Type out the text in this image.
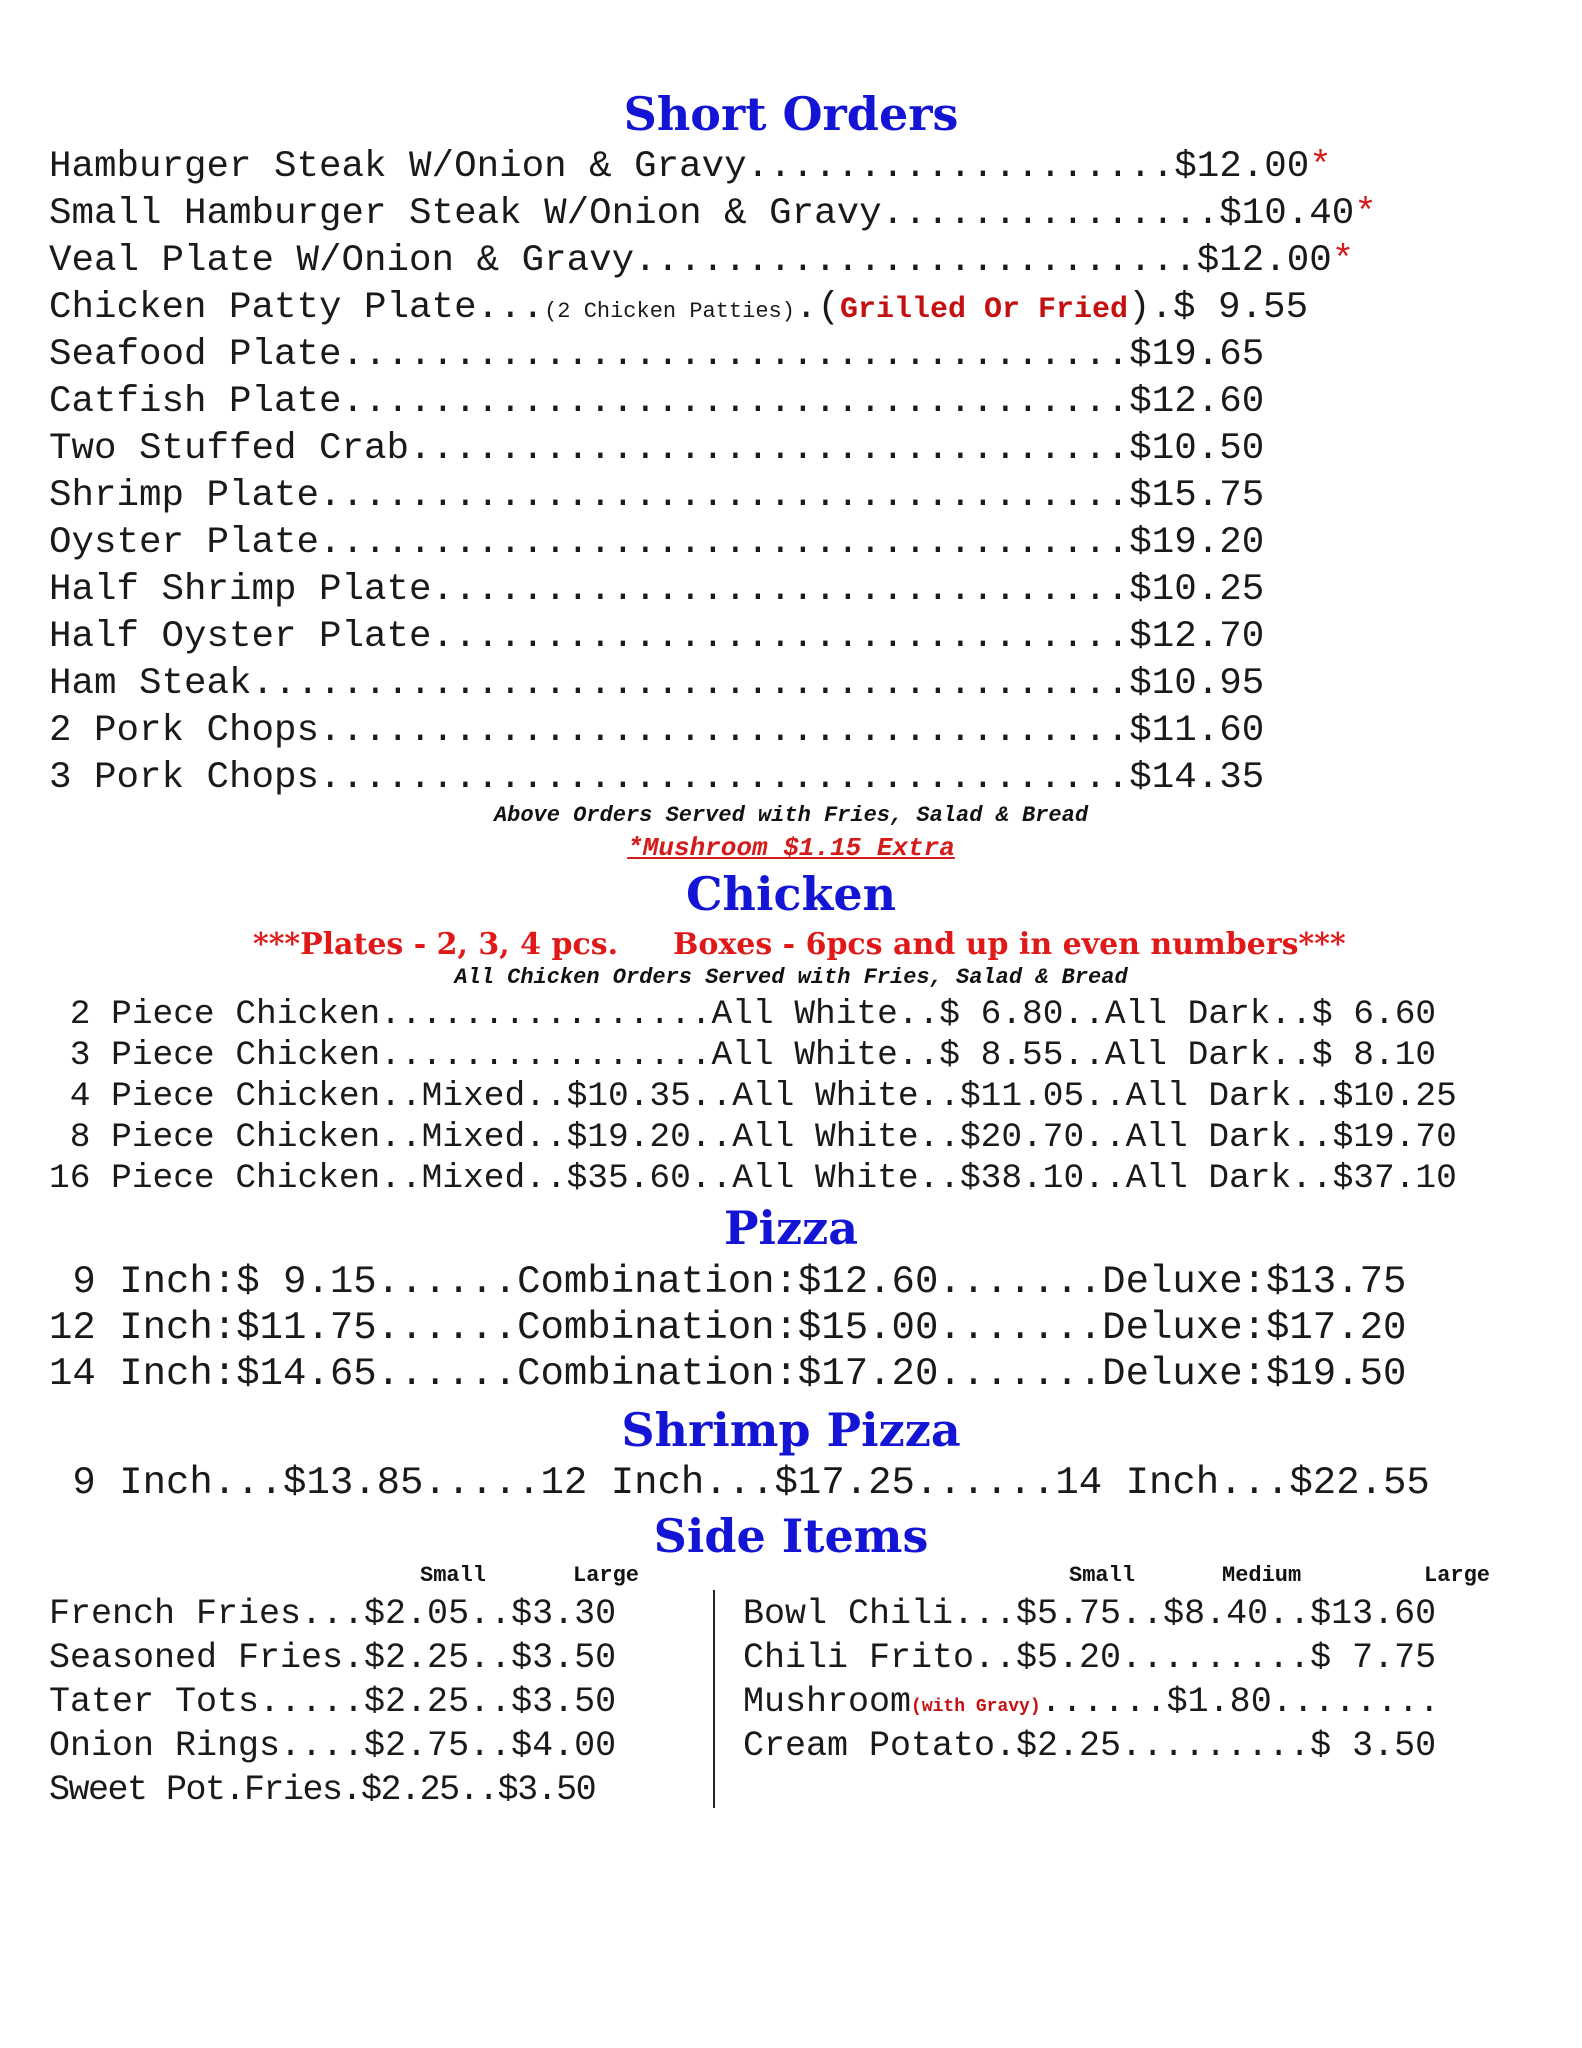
Short Orders
Hamburger Steak W/Onion & Gravy...................$12.00*
Small Hamburger Steak W/Onion & Gravy...............$10.40*
Veal Plate W/Onion & Gravy.........................$12.00*
Chicken Patty Plate...(2 Chicken Patties).(Grilled Or Fried).$ 9.55
Seafood Plate...................................$19.65
Catfish Plate...................................$12.60
Two Stuffed Crab................................$10.50
Shrimp Plate....................................$15.75
Oyster Plate....................................$19.20
Half Shrimp Plate...............................$10.25
Half Oyster Plate...............................$12.70
Ham Steak.......................................$10.95
2 Pork Chops....................................$11.60
3 Pork Chops....................................$14.35
Above Orders Served with Fries, Salad & Bread
*Mushroom $1.15 Extra
Chicken
***Plates - 2, 3, 4 pcs. Boxes - 6pcs and up in even numbers***
All Chicken Orders Served with Fries, Salad & Bread
2 Piece Chicken................All White..$ 6.80..All Dark..$ 6.60
3 Piece Chicken................All White..$ 8.55..All Dark..$ 8.10
4 Piece Chicken..Mixed..$10.35..All White..$11.05..All Dark..$10.25
8 Piece Chicken..Mixed..$19.20..All White..$20.70..All Dark..$19.70
16 Piece Chicken..Mixed..$35.60..All White..$38.10..All Dark..$37.10
Pizza
9 Inch:$ 9.15......Combination:$12.60.......Deluxe:$13.75
12 Inch:$11.75......Combination:$15.00.......Deluxe:$17.20
14 Inch:$14.65......Combination:$17.20.......Deluxe:$19.50
Shrimp Pizza
9 Inch...$13.85.....12 Inch...$17.25......14 Inch...$22.55
Side Items
Small	Large	Small	Medium	Large
French Fries...$2.05..$3.30
Seasoned Fries.$2.25..$3.50
Tater Tots.....$2.25..$3.50
Onion Rings....$2.75..$4.00
Sweet Pot.Fries.$2.25..$3.50
Bowl Chili...$5.75..$8.40..$13.60
Chili Frito..$5.20.........$ 7.75
Mushroom(with Gravy)......$1.80........
Cream Potato.$2.25.........$ 3.50
